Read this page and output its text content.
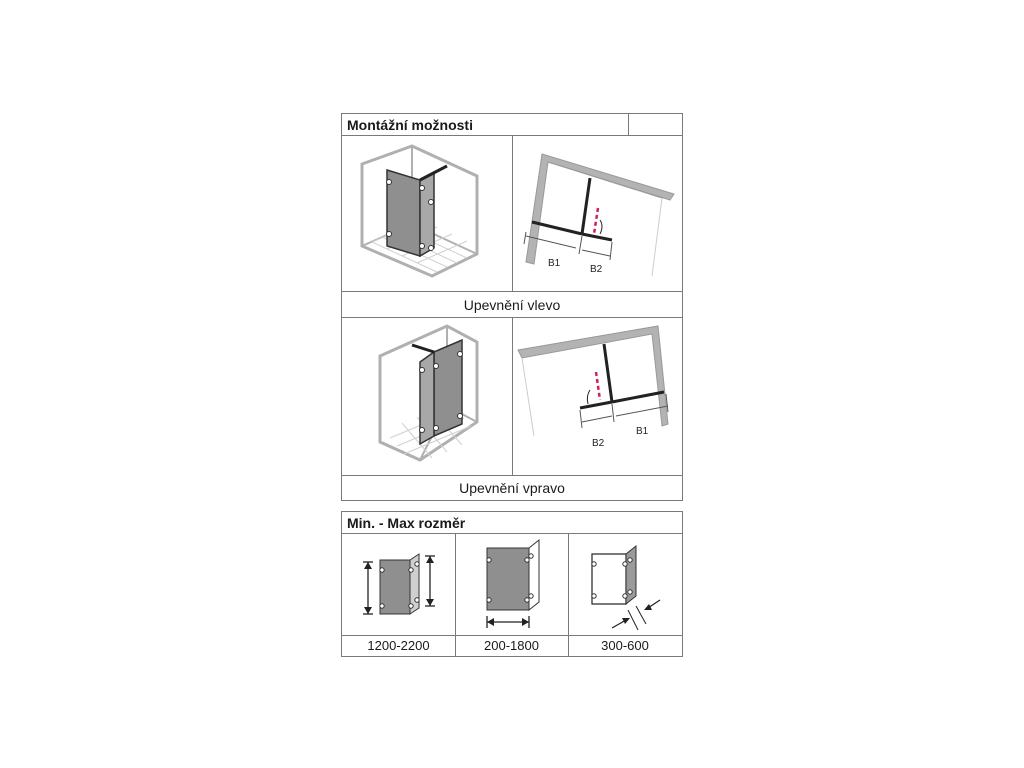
Montážní možnosti
B1
B2
Upevnění vlevo
B2
B1
Upevnění vpravo
Min. - Max rozměr
1200-2200	200-1800	300-600
